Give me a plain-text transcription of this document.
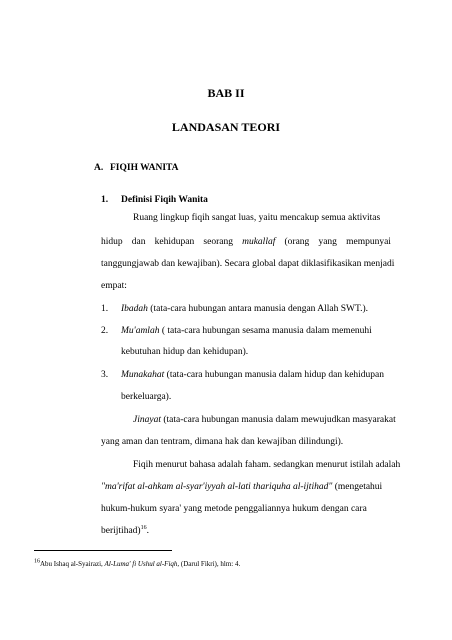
BAB II
LANDASAN TEORI
A. FIQIH WANITA
1. Definisi Fiqih Wanita
Ruang lingkup fiqih sangat luas, yaitu mencakup semua aktivitas
hidup dan kehidupan seorang mukallaf (orang yang mempunyai
tanggungjawab dan kewajiban). Secara global dapat diklasifikasikan menjadi
empat:
1. Ibadah (tata-cara hubungan antara manusia dengan Allah SWT.).
2. Mu'amlah ( tata-cara hubungan sesama manusia dalam memenuhi
kebutuhan hidup dan kehidupan).
3. Munakahat (tata-cara hubungan manusia dalam hidup dan kehidupan
berkeluarga).
Jinayat (tata-cara hubungan manusia dalam mewujudkan masyarakat
yang aman dan tentram, dimana hak dan kewajiban dilindungi).
Fiqih menurut bahasa adalah faham. sedangkan menurut istilah adalah
"ma'rifat al-ahkam al-syar'iyyah al-lati thariquha al-ijtihad" (mengetahui
hukum-hukum syara' yang metode penggaliannya hukum dengan cara
berijtihad)$^{16}$.
$^{16}$Abu Ishaq al-Syairazi, Al-Luma' fi Ushul al-Fiqh, (Darul Fikri), hlm: 4.
